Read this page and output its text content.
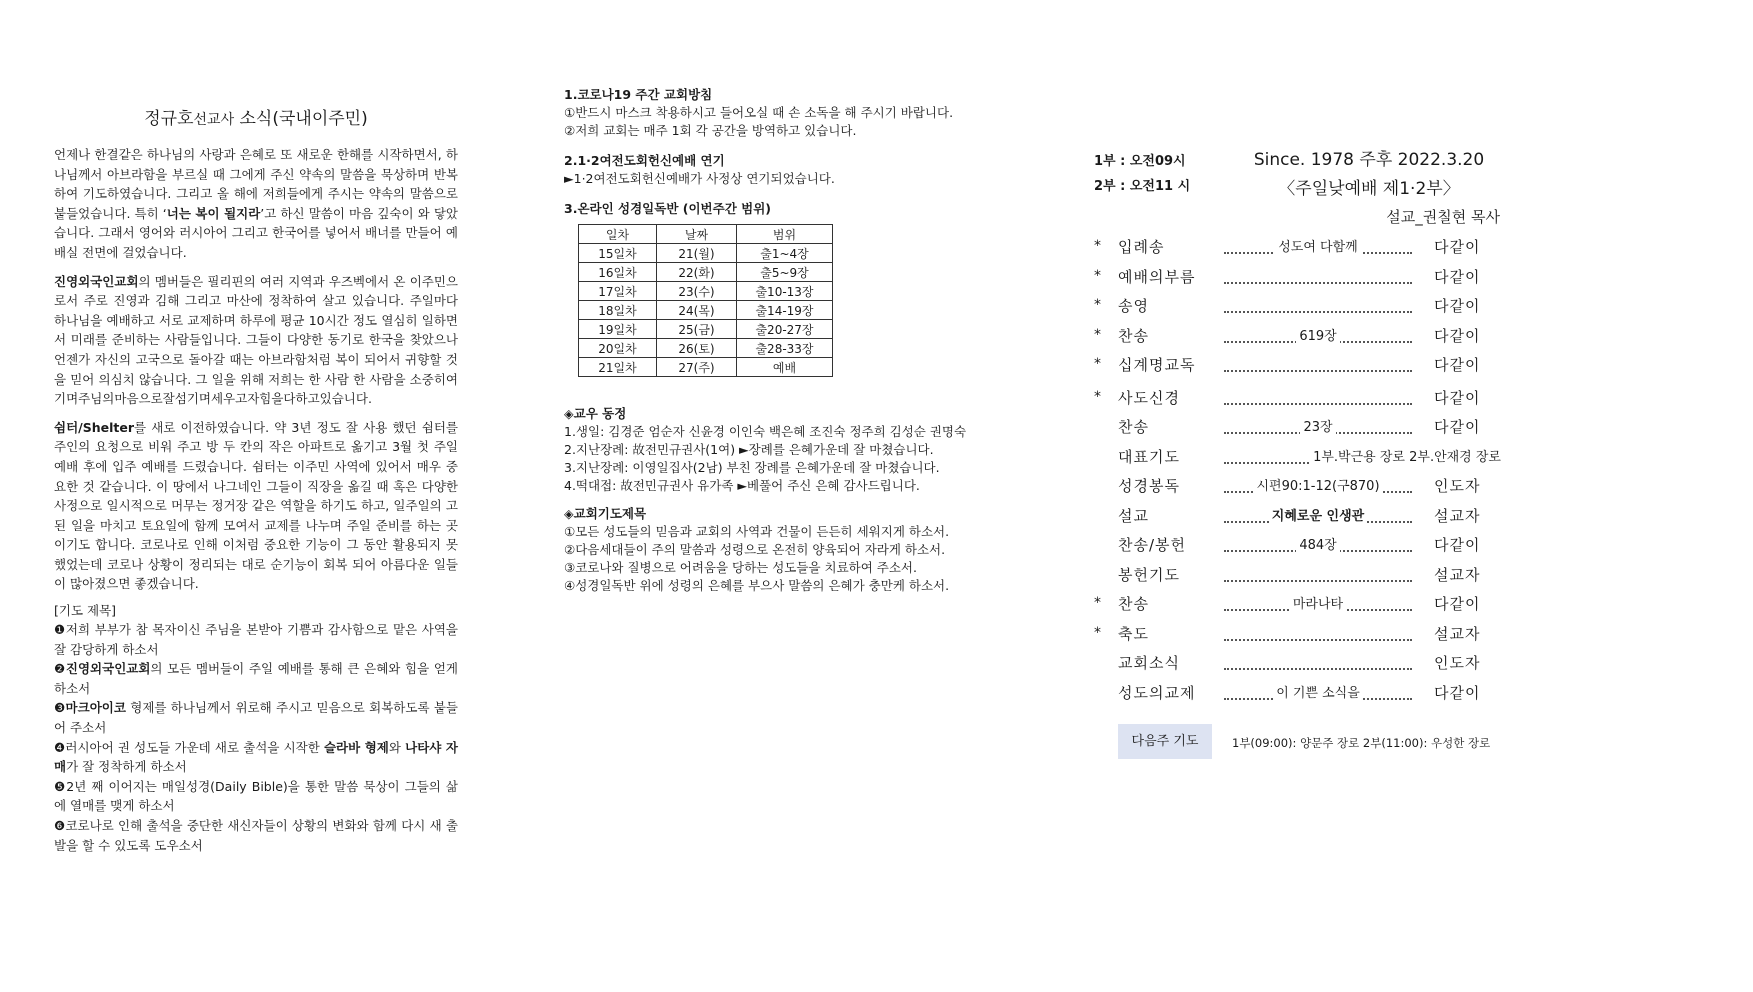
정규호선교사 소식(국내이주민)

언제나 한결같은 하나님의 사랑과 은혜로 또 새로운 한해를 시작하면서, 하나님께서 아브라함을 부르실 때 그에게 주신 약속의 말씀을 묵상하며 반복하여 기도하였습니다. 그리고 올 해에 저희들에게 주시는 약속의 말씀으로 붙들었습니다. 특히 ‘너는 복이 될지라’고 하신 말씀이 마음 깊숙이 와 닿았습니다. 그래서 영어와 러시아어 그리고 한국어를 넣어서 배너를 만들어 예배실 전면에 걸었습니다.

진영외국인교회의 멤버들은 필리핀의 여러 지역과 우즈벡에서 온 이주민으로서 주로 진영과 김해 그리고 마산에 정착하여 살고 있습니다. 주일마다 하나님을 예배하고 서로 교제하며 하루에 평균 10시간 정도 열심히 일하면서 미래를 준비하는 사람들입니다. 그들이 다양한 동기로 한국을 찾았으나 언젠가 자신의 고국으로 돌아갈 때는 아브라함처럼 복이 되어서 귀향할 것을 믿어 의심치 않습니다. 그 일을 위해 저희는 한 사람 한 사람을 소중히여기며주님의마음으로잘섬기며세우고자힘을다하고있습니다.

쉼터/Shelter를 새로 이전하였습니다. 약 3년 정도 잘 사용 했던 쉼터를 주인의 요청으로 비워 주고 방 두 칸의 작은 아파트로 옮기고 3월 첫 주일 예배 후에 입주 예배를 드렸습니다. 쉼터는 이주민 사역에 있어서 매우 중요한 것 같습니다. 이 땅에서 나그네인 그들이 직장을 옮길 때 혹은 다양한 사정으로 일시적으로 머무는 정거장 같은 역할을 하기도 하고, 일주일의 고된 일을 마치고 토요일에 함께 모여서 교제를 나누며 주일 준비를 하는 곳이기도 합니다. 코로나로 인해 이처럼 중요한 기능이 그 동안 활용되지 못했었는데 코로나 상황이 정리되는 대로 순기능이 회복 되어 아름다운 일들이 많아졌으면 좋겠습니다.

[기도 제목]

❶저희 부부가 참 목자이신 주님을 본받아 기쁨과 감사함으로 맡은 사역을 잘 감당하게 하소서

❷진영외국인교회의 모든 멤버들이 주일 예배를 통해 큰 은혜와 힘을 얻게 하소서

❸마크아이코 형제를 하나님께서 위로해 주시고 믿음으로 회복하도록 붙들어 주소서

❹러시아어 권 성도들 가운데 새로 출석을 시작한 슬라바 형제와 나타샤 자매가 잘 정착하게 하소서

❺2년 째 이어지는 매일성경(Daily Bible)을 통한 말씀 묵상이 그들의 삶에 열매를 맺게 하소서

❻코로나로 인해 출석을 중단한 새신자들이 상황의 변화와 함께 다시 새 출발을 할 수 있도록 도우소서

1.코로나19 주간 교회방침

①반드시 마스크 착용하시고 들어오실 때 손 소독을 해 주시기 바랍니다.

②저희 교회는 매주 1회 각 공간을 방역하고 있습니다.

2.1·2여전도회헌신예배 연기

►1·2여전도회헌신예배가 사정상 연기되었습니다.

3.온라인 성경일독반 (이번주간 범위)

일차	날짜	범위
15일차	21(월)	출1~4장
16일차	22(화)	출5~9장
17일차	23(수)	출10-13장
18일차	24(목)	출14-19장
19일차	25(금)	출20-27장
20일차	26(토)	출28-33장
21일차	27(주)	예배

◈교우 동정

1.생일: 김경준 엄순자 신윤경 이인숙 백은혜 조진숙 정주희 김성순 권명숙

2.지난장례: 故전민규권사(1여) ►장례를 은혜가운데 잘 마쳤습니다.

3.지난장례: 이영일집사(2남) 부친 장례를 은혜가운데 잘 마쳤습니다.

4.떡대접: 故전민규권사 유가족 ►베풀어 주신 은혜 감사드립니다.

◈교회기도제목

①모든 성도들의 믿음과 교회의 사역과 건물이 든든히 세워지게 하소서.

②다음세대들이 주의 말씀과 성령으로 온전히 양육되어 자라게 하소서.

③코로나와 질병으로 어려움을 당하는 성도들을 치료하여 주소서.

④성경일독반 위에 성령의 은혜를 부으사 말씀의 은혜가 충만케 하소서.

1부 : 오전09시
2부 : 오전11 시
Since. 1978 주후 2022.3.20
〈주일낮예배 제1·2부〉
설교_권칠현 목사
*	입례송	성도여 다함께	다같이
*	예배의부름	다같이
*	송영	다같이
*	찬송	619장	다같이
*	십계명교독	다같이
*	사도신경	다같이
찬송	23장	다같이
대표기도	1부.박근용 장로 2부.안재경 장로
성경봉독	시편90:1-12(구870)	인도자
설교	지혜로운 인생관	설교자
찬송/봉헌	484장	다같이
봉헌기도	설교자
*	찬송	마라나타	다같이
*	축도	설교자
교회소식	인도자
성도의교제	이 기쁜 소식을	다같이
다음주 기도	1부(09:00): 양문주 장로 2부(11:00): 우성한 장로
